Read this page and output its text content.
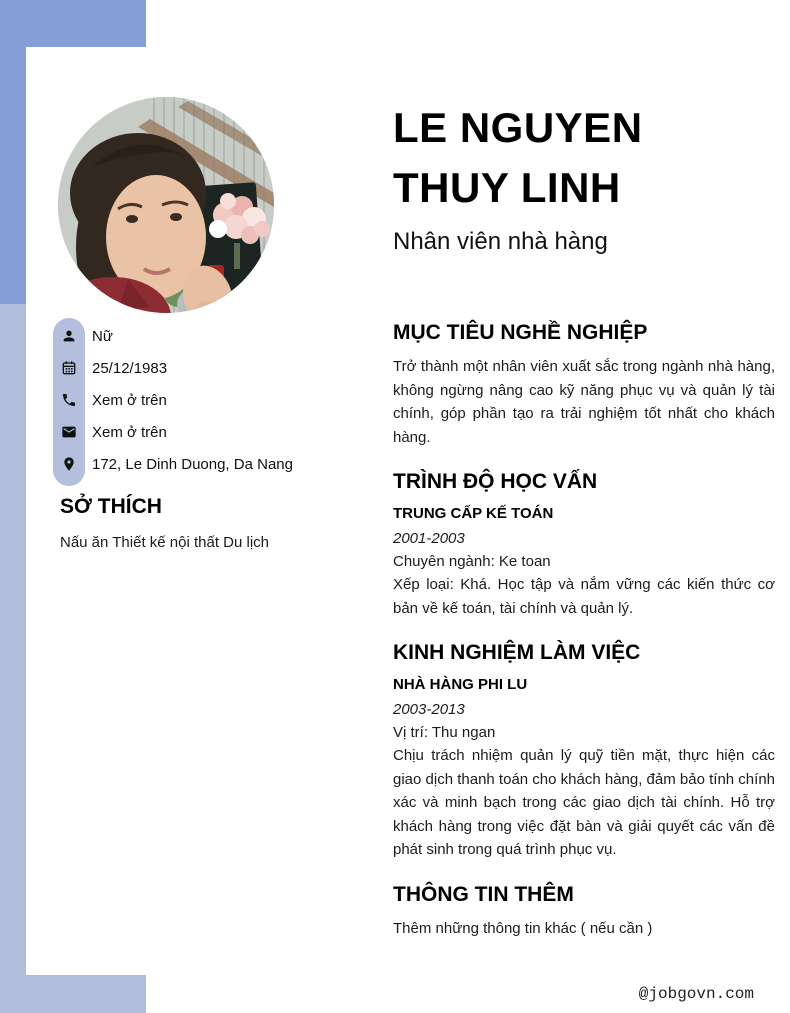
LE NGUYEN THUY LINH
Nhân viên nhà hàng
Nữ
25/12/1983
Xem ở trên
Xem ở trên
172, Le Dinh Duong, Da Nang
SỞ THÍCH
Nấu ăn Thiết kế nội thất Du lịch
MỤC TIÊU NGHỀ NGHIỆP
Trở thành một nhân viên xuất sắc trong ngành nhà hàng, không ngừng nâng cao kỹ năng phục vụ và quản lý tài chính, góp phần tạo ra trải nghiệm tốt nhất cho khách hàng.
TRÌNH ĐỘ HỌC VẤN
TRUNG CẤP KẾ TOÁN
2001-2003
Chuyên ngành: Ke toan
Xếp loại: Khá. Học tập và nắm vững các kiến thức cơ bản về kế toán, tài chính và quản lý.
KINH NGHIỆM LÀM VIỆC
NHÀ HÀNG PHI LU
2003-2013
Vị trí: Thu ngan
Chịu trách nhiệm quản lý quỹ tiền mặt, thực hiện các giao dịch thanh toán cho khách hàng, đảm bảo tính chính xác và minh bạch trong các giao dịch tài chính. Hỗ trợ khách hàng trong việc đặt bàn và giải quyết các vấn đề phát sinh trong quá trình phục vụ.
THÔNG TIN THÊM
Thêm những thông tin khác ( nếu cần )
@jobgovn.com
